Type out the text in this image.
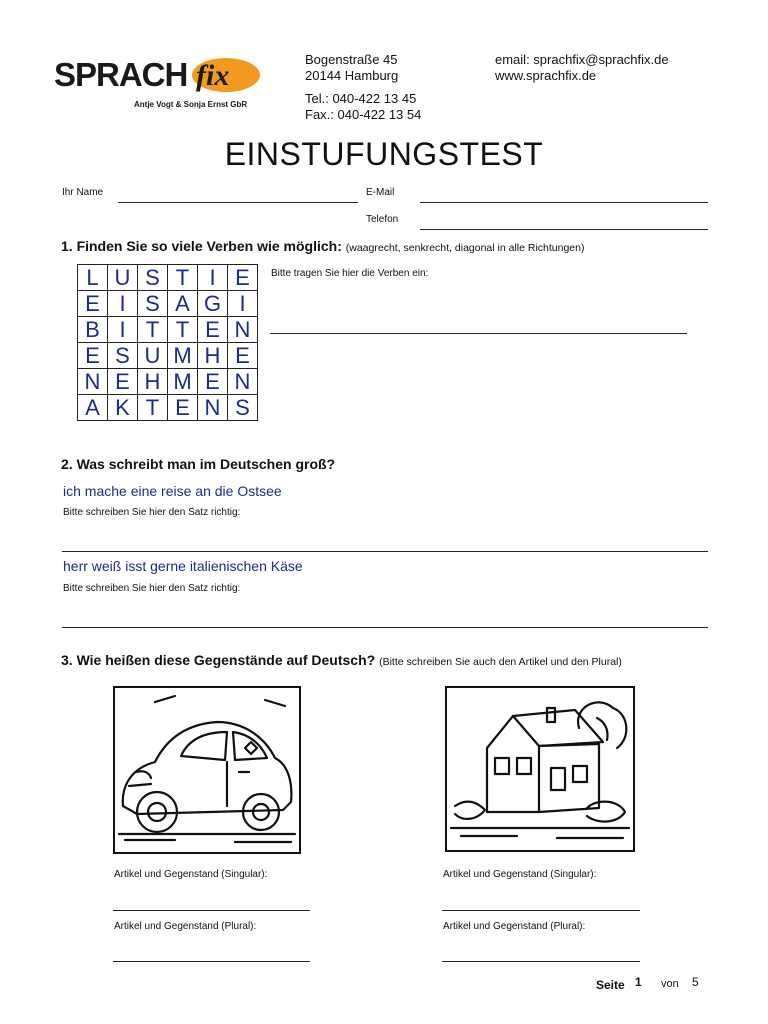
SPRACH fix
Antje Vogt & Sonja Ernst GbR
Bogenstraße 45
20144 Hamburg
Tel.: 040-422 13 45
Fax.: 040-422 13 54
email: sprachfix@sprachfix.de
www.sprachfix.de
EINSTUFUNGSTEST
Ihr Name	E-Mail
Telefon
1. Finden Sie so viele Verben wie möglich: (waagrecht, senkrecht, diagonal in alle Richtungen)
L	U	S	T	I	E
E	I	S	A	G	I
B	I	T	T	E	N
E	S	U	M	H	E
N	E	H	M	E	N
A	K	T	E	N	S
Bitte tragen Sie hier die Verben ein:
2. Was schreibt man im Deutschen groß?
ich mache eine reise an die Ostsee
Bitte schreiben Sie hier den Satz richtig:
herr weiß isst gerne italienischen Käse
Bitte schreiben Sie hier den Satz richtig:
3. Wie heißen diese Gegenstände auf Deutsch? (Bitte schreiben Sie auch den Artikel und den Plural)
Artikel und Gegenstand (Singular):
Artikel und Gegenstand (Plural):
Artikel und Gegenstand (Singular):
Artikel und Gegenstand (Plural):
Seite 1 von 5
